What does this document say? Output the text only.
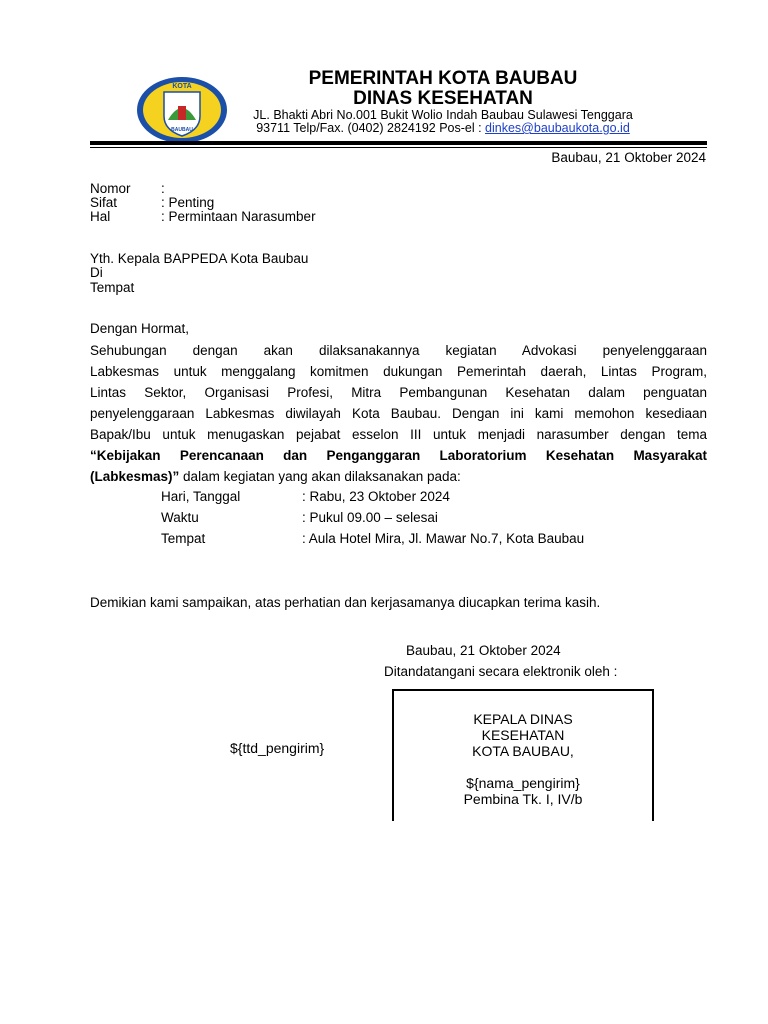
KOTA
BAUBAU
PEMERINTAH KOTA BAUBAU
DINAS KESEHATAN
JL. Bhakti Abri No.001 Bukit Wolio Indah Baubau Sulawesi Tenggara
93711 Telp/Fax. (0402) 2824192 Pos-el : dinkes@baubaukota.go.id
Baubau, 21 Oktober 2024
Nomor :
Sifat	: Penting
Hal	: Permintaan Narasumber
Yth. Kepala BAPPEDA Kota Baubau
Di
Tempat
Dengan Hormat,
Sehubungan dengan akan dilaksanakannya kegiatan Advokasi penyelenggaraan
Labkesmas untuk menggalang komitmen dukungan Pemerintah daerah, Lintas Program,
Lintas Sektor, Organisasi Profesi, Mitra Pembangunan Kesehatan dalam penguatan
penyelenggaraan Labkesmas diwilayah Kota Baubau. Dengan ini kami memohon kesediaan
Bapak/Ibu untuk menugaskan pejabat esselon III untuk menjadi narasumber dengan tema
“Kebijakan Perencanaan dan Penganggaran Laboratorium Kesehatan Masyarakat
(Labkesmas)” dalam kegiatan yang akan dilaksanakan pada:
Hari, Tanggal	: Rabu, 23 Oktober 2024
Waktu	: Pukul 09.00 – selesai
Tempat	: Aula Hotel Mira, Jl. Mawar No.7, Kota Baubau
Demikian kami sampaikan, atas perhatian dan kerjasamanya diucapkan terima kasih.
Baubau, 21 Oktober 2024
Ditandatangani secara elektronik oleh :
${ttd_pengirim}
KEPALA DINAS
KESEHATAN
KOTA BAUBAU,
${nama_pengirim}
Pembina Tk. I, IV/b
